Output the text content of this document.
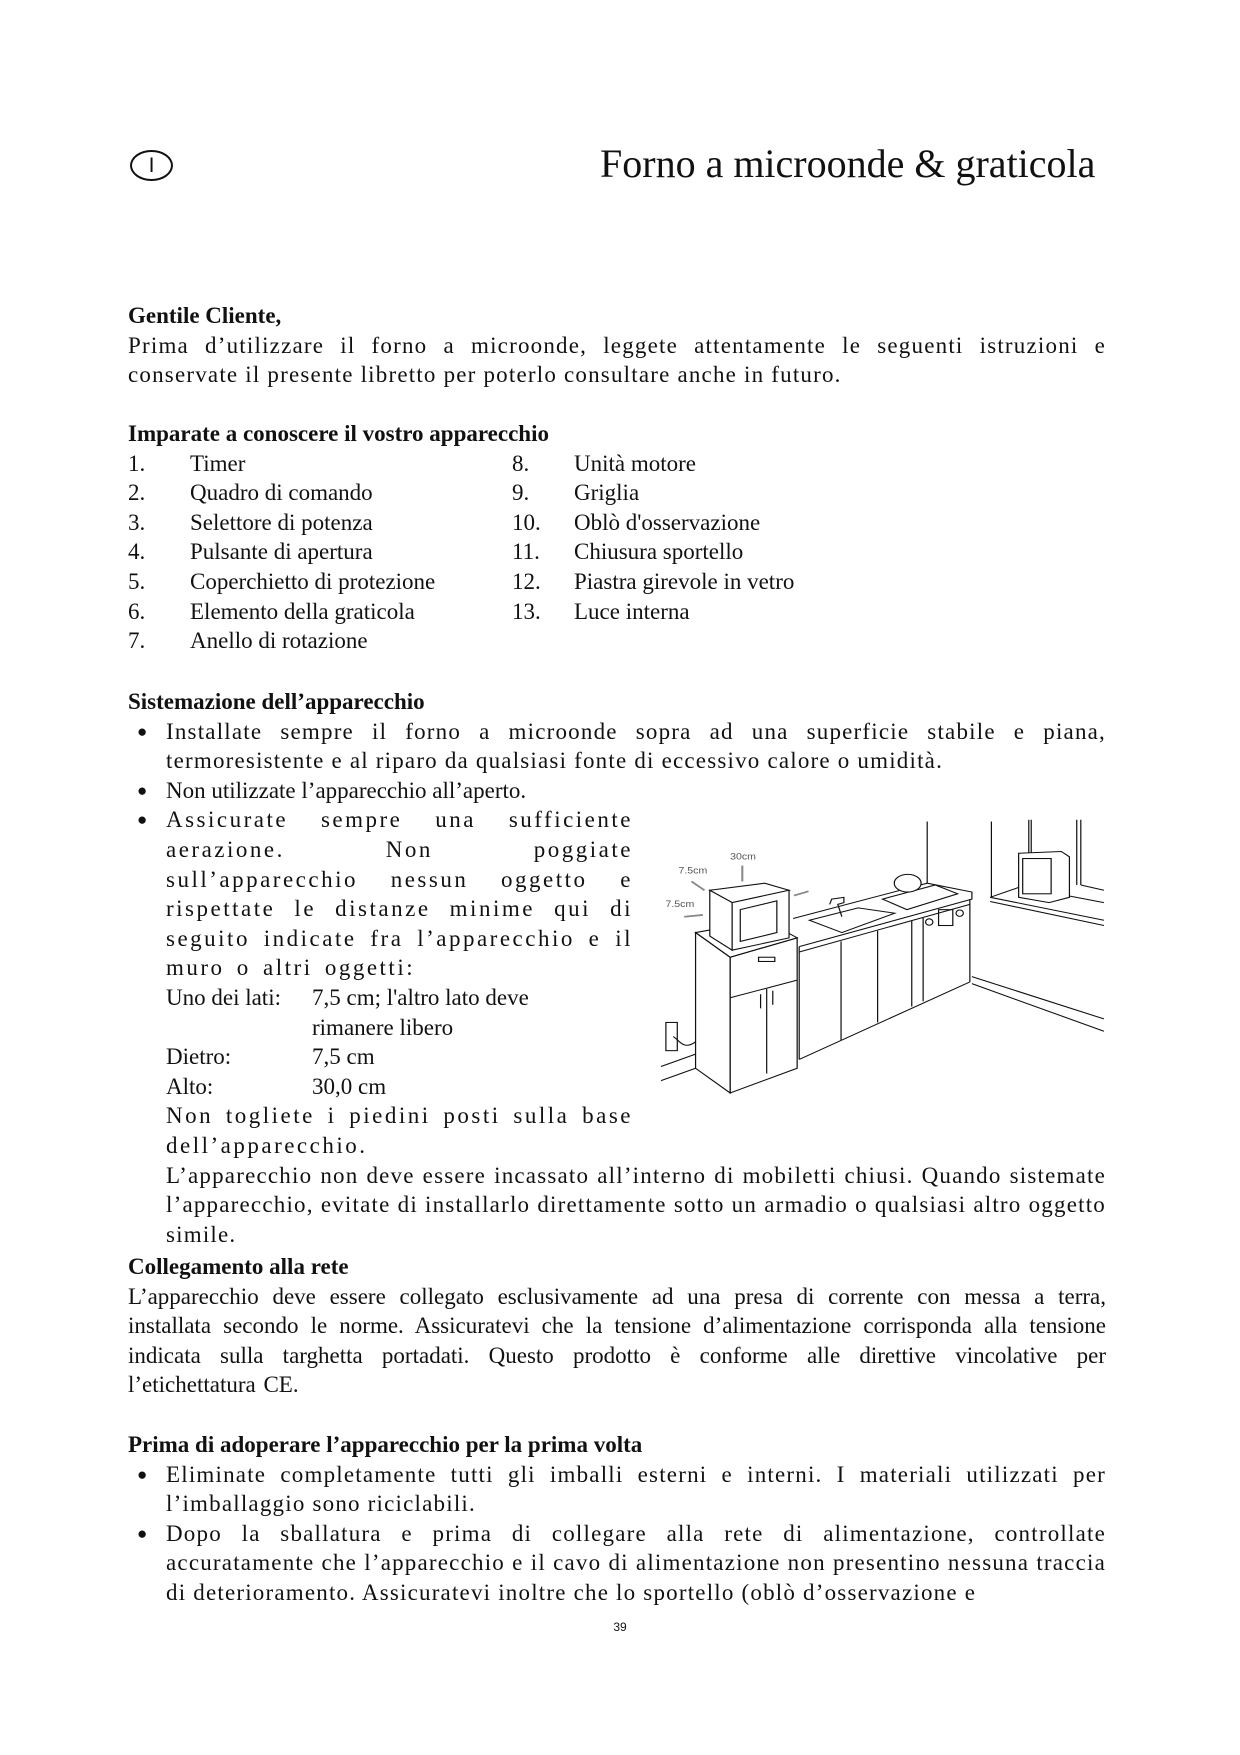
I	Forno a microonde & graticola
Gentile Cliente,
Prima d’utilizzare il forno a microonde, leggete attentamente le seguenti istruzioni e conservate il presente libretto per poterlo consultare anche in futuro.
Imparate a conoscere il vostro apparecchio
1. Timer
2. Quadro di comando
3. Selettore di potenza
4. Pulsante di apertura
5. Coperchietto di protezione
6. Elemento della graticola
7. Anello di rotazione
8. Unità motore
9. Griglia
10. Oblò d'osservazione
11. Chiusura sportello
12. Piastra girevole in vetro
13. Luce interna
Sistemazione dell’apparecchio
● Installate sempre il forno a microonde sopra ad una superficie stabile e piana, termoresistente e al riparo da qualsiasi fonte di eccessivo calore o umidità.
● Non utilizzate l’apparecchio all’aperto.
● Assicurate sempre una sufficiente aerazione. Non poggiate sull’apparecchio nessun oggetto e rispettate le distanze minime qui di seguito indicate fra l’apparecchio e il muro o altri oggetti:
Uno dei lati: 7,5 cm; l'altro lato deve
rimanere libero
Dietro:	7,5 cm
Alto:	30,0 cm
Non togliete i piedini posti sulla base dell’apparecchio.
L’apparecchio non deve essere incassato all’interno di mobiletti chiusi. Quando sistemate l’apparecchio, evitate di installarlo direttamente sotto un armadio o qualsiasi altro oggetto simile.
30cm
7.5cm
7.5cm
Collegamento alla rete
L’apparecchio deve essere collegato esclusivamente ad una presa di corrente con messa a terra, installata secondo le norme. Assicuratevi che la tensione d’alimentazione corrisponda alla tensione indicata sulla targhetta portadati. Questo prodotto è conforme alle direttive vincolative per l’etichettatura CE.
Prima di adoperare l’apparecchio per la prima volta
● Eliminate completamente tutti gli imballi esterni e interni. I materiali utilizzati per l’imballaggio sono riciclabili.
● Dopo la sballatura e prima di collegare alla rete di alimentazione, controllate accuratamente che l’apparecchio e il cavo di alimentazione non presentino nessuna traccia di deterioramento. Assicuratevi inoltre che lo sportello (oblò d’osservazione e
39
